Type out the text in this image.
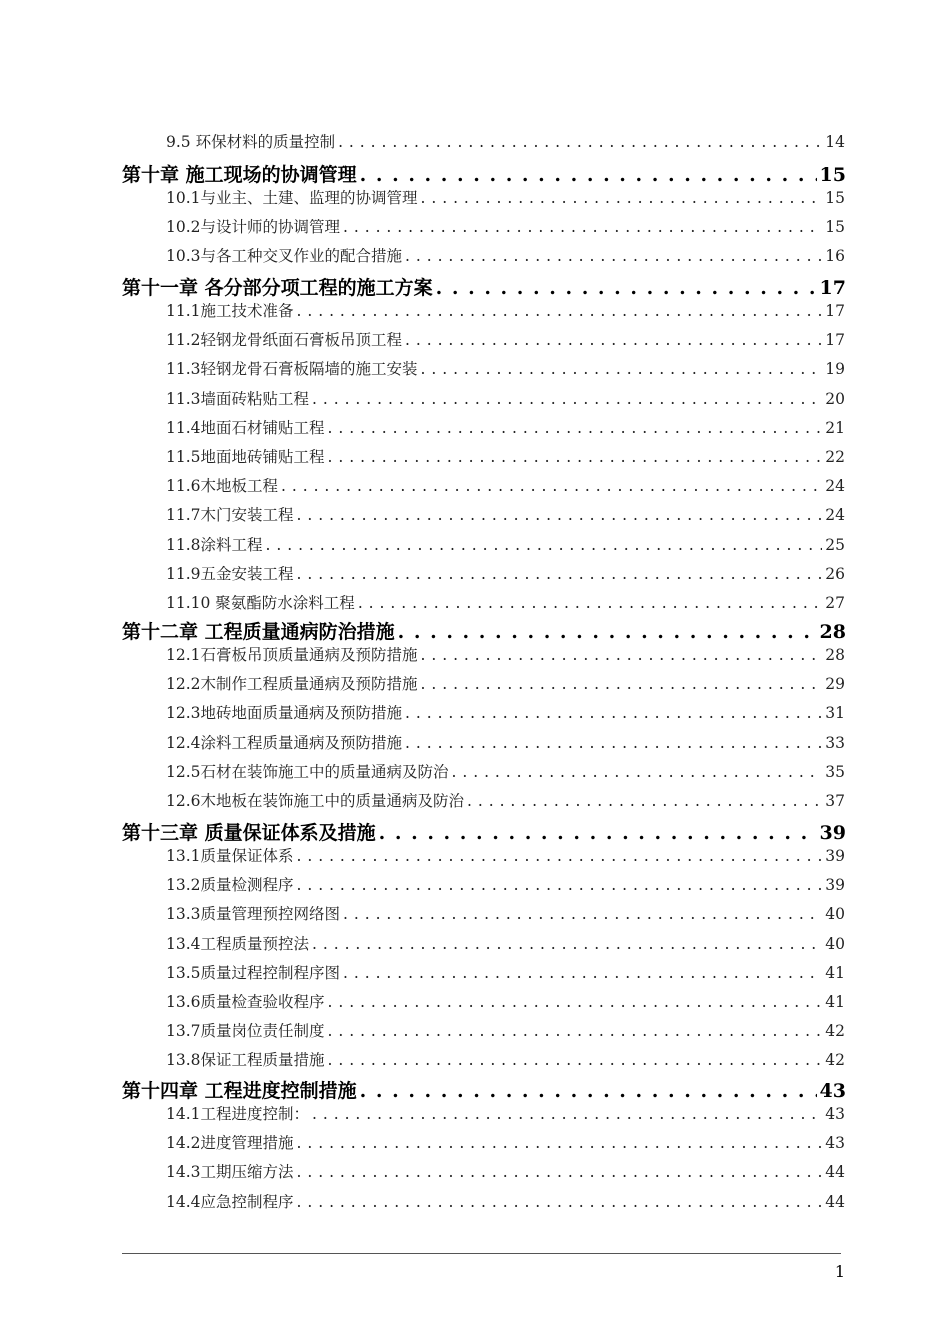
9.5 环保材料的质量控制 . . .	14
第十章 施工现场的协调管理 . . .	15
10.1与业主、土建、监理的协调管理 . . .	15
10.2与设计师的协调管理 . . .	15
10.3与各工种交叉作业的配合措施 . . .	16
第十一章 各分部分项工程的施工方案 . . .	17
11.1施工技术准备 . . .	17
11.2轻钢龙骨纸面石膏板吊顶工程 . . .	17
11.3轻钢龙骨石膏板隔墙的施工安装 . . .	19
11.3墙面砖粘贴工程 . . .	20
11.4地面石材铺贴工程 . . .	21
11.5地面地砖铺贴工程 . . .	22
11.6木地板工程 . . .	24
11.7木门安装工程 . . .	24
11.8涂料工程 . . .	25
11.9五金安装工程 . . .	26
11.10 聚氨酯防水涂料工程 . . .	27
第十二章 工程质量通病防治措施 . . .	28
12.1石膏板吊顶质量通病及预防措施 . . .	28
12.2木制作工程质量通病及预防措施 . . .	29
12.3地砖地面质量通病及预防措施 . . .	31
12.4涂料工程质量通病及预防措施 . . .	33
12.5石材在装饰施工中的质量通病及防治 . . .	35
12.6木地板在装饰施工中的质量通病及防治 . . .	37
第十三章 质量保证体系及措施 . . .	39
13.1质量保证体系 . . .	39
13.2质量检测程序 . . .	39
13.3质量管理预控网络图 . . .	40
13.4工程质量预控法 . . .	40
13.5质量过程控制程序图 . . .	41
13.6质量检查验收程序 . . .	41
13.7质量岗位责任制度 . . .	42
13.8保证工程质量措施 . . .	42
第十四章 工程进度控制措施 . . .	43
14.1工程进度控制： . . .	43
14.2进度管理措施 . . .	43
14.3工期压缩方法 . . .	44
14.4应急控制程序 . . .	44
1
